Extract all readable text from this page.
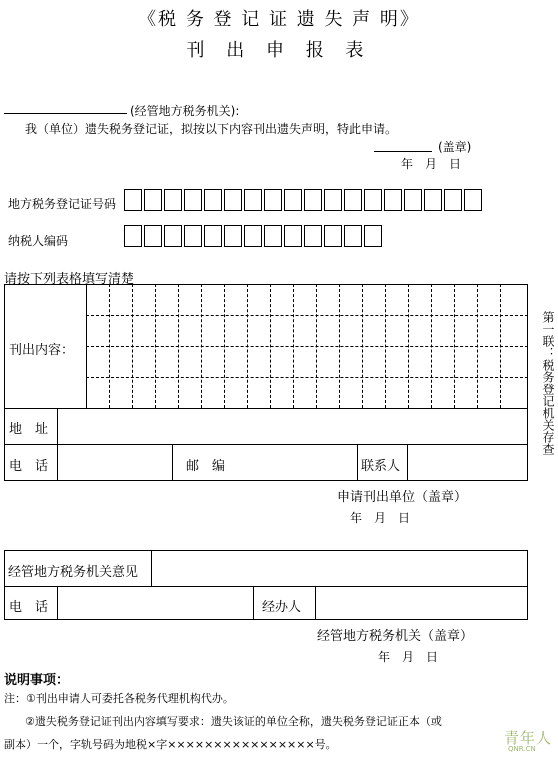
《税 务 登 记 证 遗 失 声 明》
刊 出 申 报 表
(经管地方税务机关):
我（单位）遗失税务登记证，拟按以下内容刊出遗失声明，特此申请。
(盖章)
年　月　日
地方税务登记证号码
纳税人编码
请按下列表格填写清楚
刊出内容：
地　址
电　话	邮　编	联系人
申请刊出单位（盖章）
年　月　日
经管地方税务机关意见
电　话	经办人
经管地方税务机关（盖章）
年　月　日
说明事项：
注：①刊出申请人可委托各税务代理机构代办。
②遗失税务登记证刊出内容填写要求：遗失该证的单位全称，遗失税务登记证正本（或
副本）一个，字轨号码为地税×字××××××××××××××××号。
第一联：税务登记机关存查
青年人
QNR.CN
